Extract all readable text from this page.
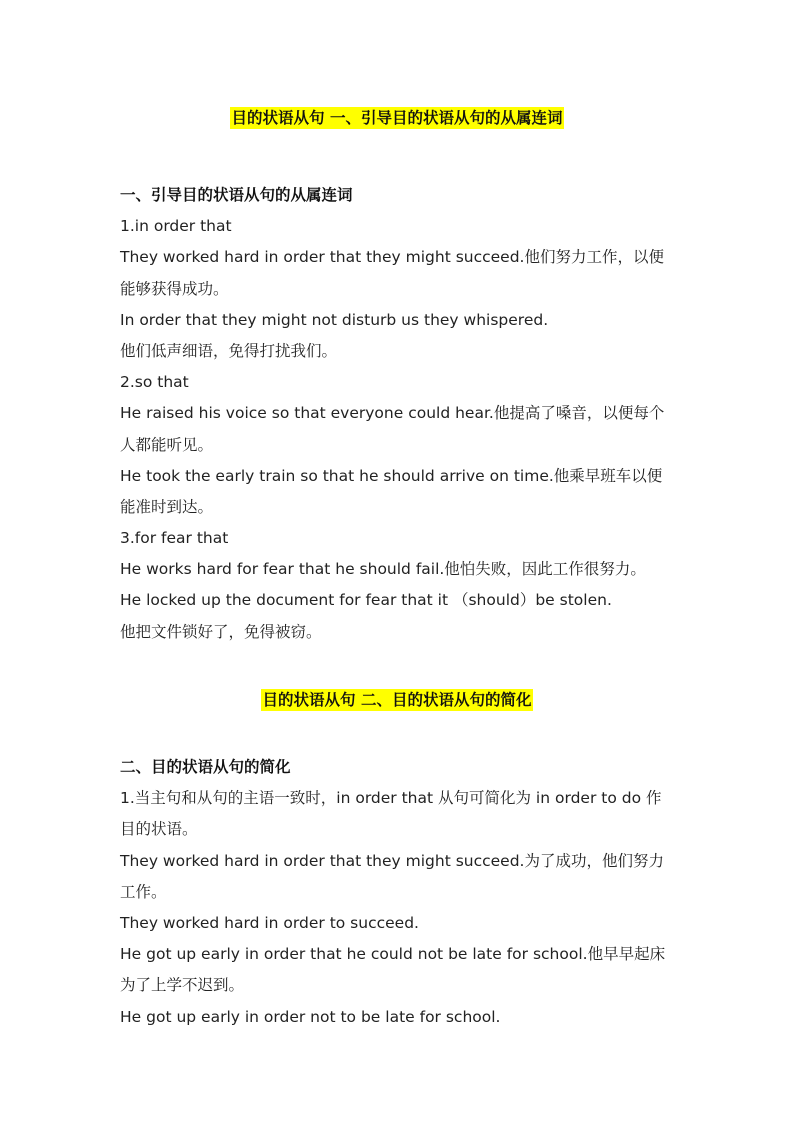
目的状语从句 一、引导目的状语从句的从属连词
一、引导目的状语从句的从属连词
1.in order that
They worked hard in order that they might succeed.他们努力工作，以便
能够获得成功。
In order that they might not disturb us they whispered.
他们低声细语，免得打扰我们。
2.so that
He raised his voice so that everyone could hear.他提高了嗓音，以便每个
人都能听见。
He took the early train so that he should arrive on time.他乘早班车以便
能准时到达。
3.for fear that
He works hard for fear that he should fail.他怕失败，因此工作很努力。
He locked up the document for fear that it （should）be stolen.
他把文件锁好了，免得被窃。
目的状语从句 二、目的状语从句的简化
二、目的状语从句的简化
1.当主句和从句的主语一致时，in order that 从句可简化为 in order to do 作
目的状语。
They worked hard in order that they might succeed.为了成功，他们努力
工作。
They worked hard in order to succeed.
He got up early in order that he could not be late for school.他早早起床
为了上学不迟到。
He got up early in order not to be late for school.
